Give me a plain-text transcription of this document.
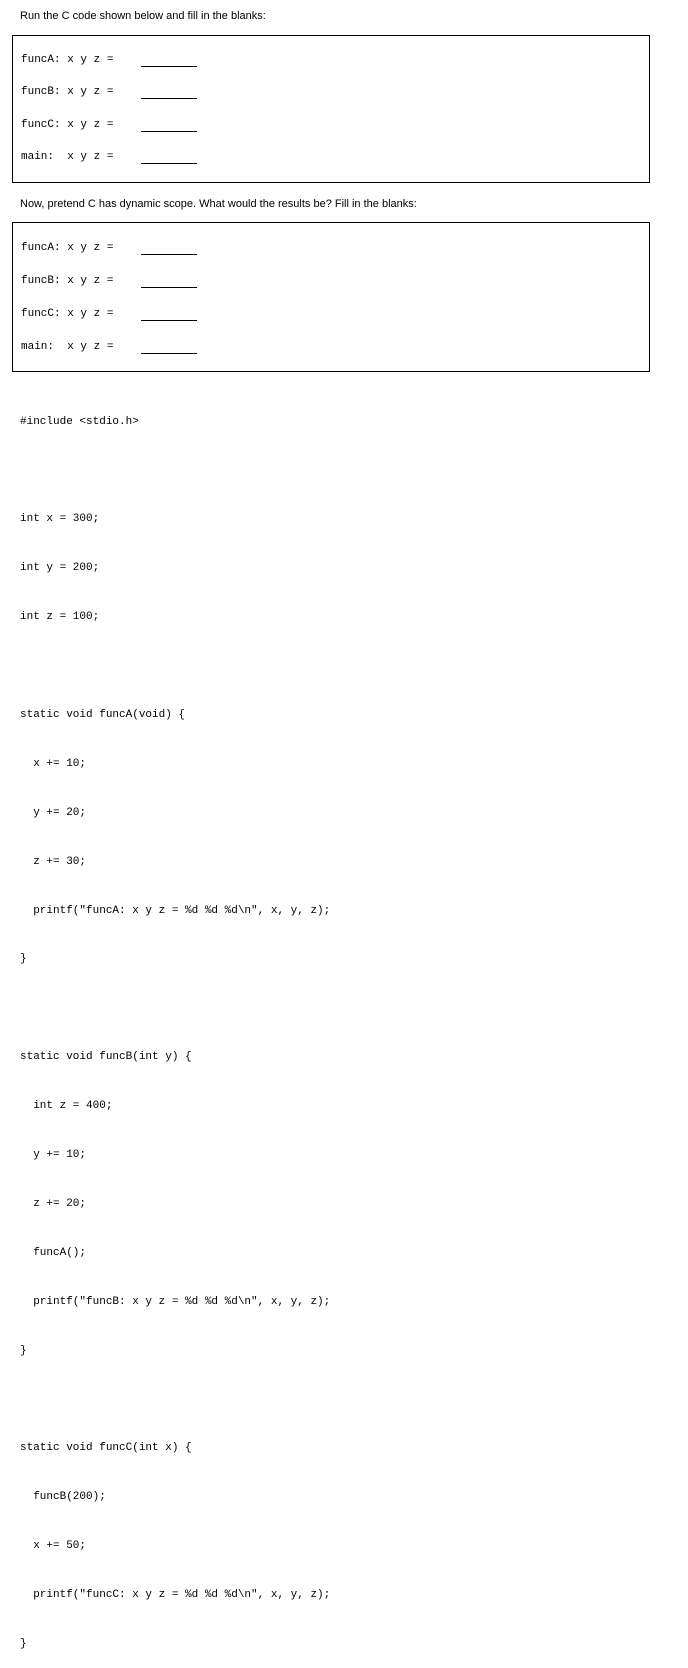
Run the C code shown below and fill in the blanks:
funcA: x y z =
funcB: x y z =
funcC: x y z =
main:  x y z =
Now, pretend C has dynamic scope. What would the results be? Fill in the blanks:
funcA: x y z =
funcB: x y z =
funcC: x y z =
main:  x y z =

#include <stdio.h>

int x = 300;

int y = 200;

int z = 100;

static void funcA(void) {

x += 10;

y += 20;

z += 30;

printf("funcA: x y z = %d %d %d\n", x, y, z);

}

static void funcB(int y) {

int z = 400;

y += 10;

z += 20;

funcA();

printf("funcB: x y z = %d %d %d\n", x, y, z);

}

static void funcC(int x) {

funcB(200);

x += 50;

printf("funcC: x y z = %d %d %d\n", x, y, z);

}
